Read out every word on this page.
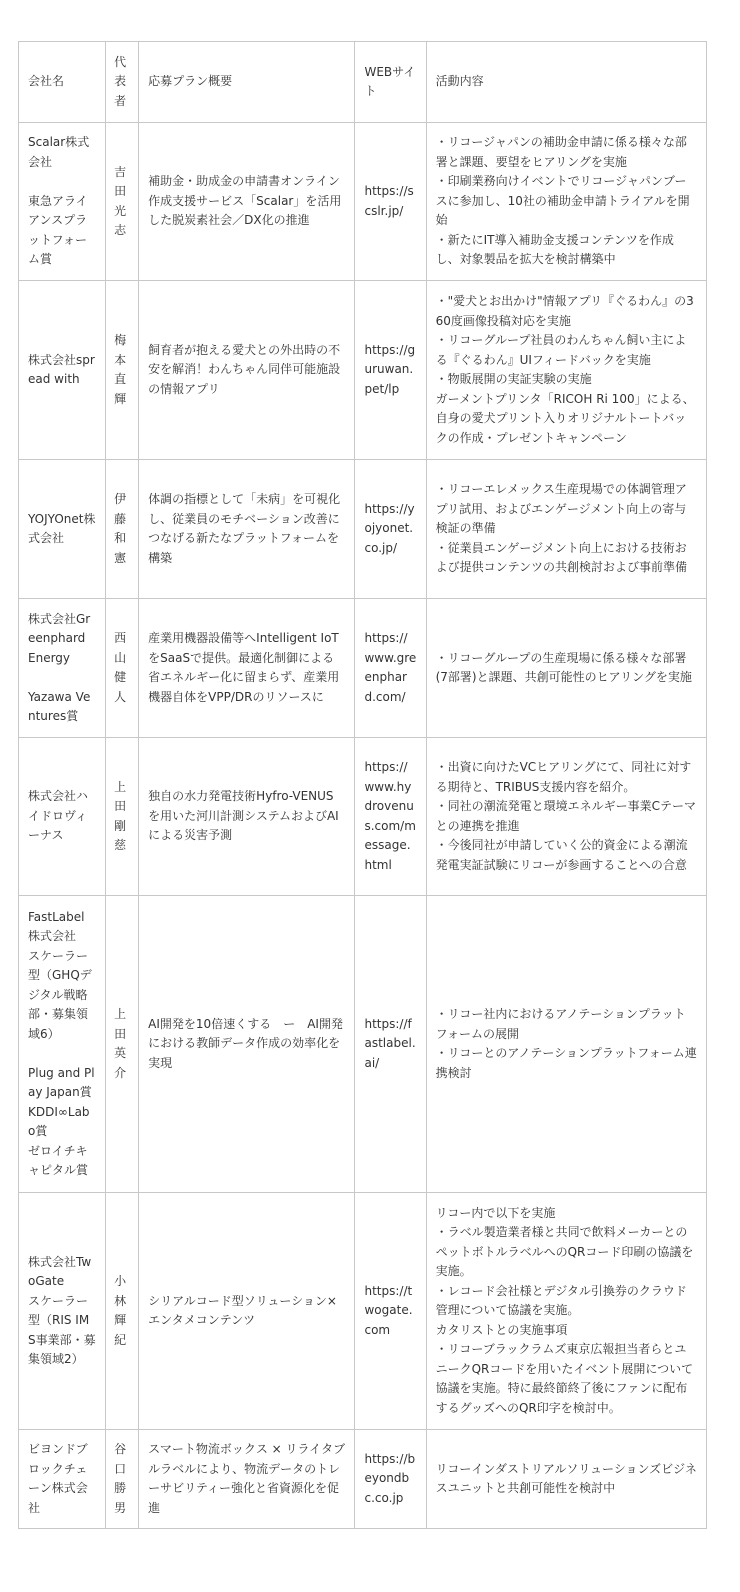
会社名	代表者	応募プラン概要	WEBサイト	活動内容

Scalar株式会社
東急アライアンスプラットフォーム賞	吉田光志	補助金・助成金の申請書オンライン作成支援サービス「Scalar」を活用した脱炭素社会／DX化の推進	https://scslr.jp/	・リコージャパンの補助金申請に係る様々な部署と課題、要望をヒアリングを実施
・印刷業務向けイベントでリコージャパンブースに参加し、10社の補助金申請トライアルを開始
・新たにIT導入補助金支援コンテンツを作成し、対象製品を拡大を検討構築中

株式会社spread with	梅本直輝	飼育者が抱える愛犬との外出時の不安を解消！わんちゃん同伴可能施設の情報アプリ	https://guruwan.pet/lp	・"愛犬とお出かけ"情報アプリ『ぐるわん』の360度画像投稿対応を実施
・リコーグループ社員のわんちゃん飼い主による『ぐるわん』UIフィードバックを実施
・物販展開の実証実験の実施
ガーメントプリンタ「RICOH Ri 100」による、自身の愛犬プリント入りオリジナルトートバックの作成・プレゼントキャンペーン

YOJYOnet株式会社	伊藤和憲	体調の指標として「未病」を可視化し、従業員のモチベーション改善につなげる新たなプラットフォームを構築	https://yojyonet.co.jp/	・リコーエレメックス生産現場での体調管理アプリ試用、およびエンゲージメント向上の寄与検証の準備
・従業員エンゲージメント向上における技術および提供コンテンツの共創検討および事前準備

株式会社Greenphard Energy
Yazawa Ventures賞	西山健人	産業用機器設備等へIntelligent IoTをSaaSで提供。最適化制御による省エネルギー化に留まらず、産業用機器自体をVPP/DRのリソースに	https://www.greenphard.com/	・リコーグループの生産現場に係る様々な部署(7部署)と課題、共創可能性のヒアリングを実施

株式会社ハイドロヴィーナス	上田剛慈	独自の水力発電技術Hyfro-VENUSを用いた河川計測システムおよびAIによる災害予測	https://www.hydrovenus.com/message.html	・出資に向けたVCヒアリングにて、同社に対する期待と、TRIBUS支援内容を紹介。
・同社の潮流発電と環境エネルギー事業Cテーマとの連携を推進
・今後同社が申請していく公的資金による潮流発電実証試験にリコーが参画することへの合意

FastLabel株式会社
スケーラー型（GHQデジタル戦略部・募集領域6）
Plug and Play Japan賞
KDDI∞Labo賞
ゼロイチキャピタル賞	上田英介	AI開発を10倍速くする　ー　AI開発における教師データ作成の効率化を実現	https://fastlabel.ai/	・リコー社内におけるアノテーションプラットフォームの展開
・リコーとのアノテーションプラットフォーム連携検討

株式会社TwoGate
スケーラー型（RIS IMS事業部・募集領域2）	小林輝紀	シリアルコード型ソリューション×エンタメコンテンツ	https://twogate.com	リコー内で以下を実施
・ラベル製造業者様と共同で飲料メーカーとのペットボトルラベルへのQRコード印刷の協議を実施。
・レコード会社様とデジタル引換券のクラウド管理について協議を実施。
カタリストとの実施事項
・リコーブラックラムズ東京広報担当者らとユニークQRコードを用いたイベント展開について協議を実施。特に最終節終了後にファンに配布するグッズへのQR印字を検討中。

ビヨンドブロックチェーン株式会社	谷口勝男	スマート物流ボックス × リライタブルラベルにより、物流データのトレーサビリティー強化と省資源化を促進	https://beyondbc.co.jp	リコーインダストリアルソリューションズビジネスユニットと共創可能性を検討中
